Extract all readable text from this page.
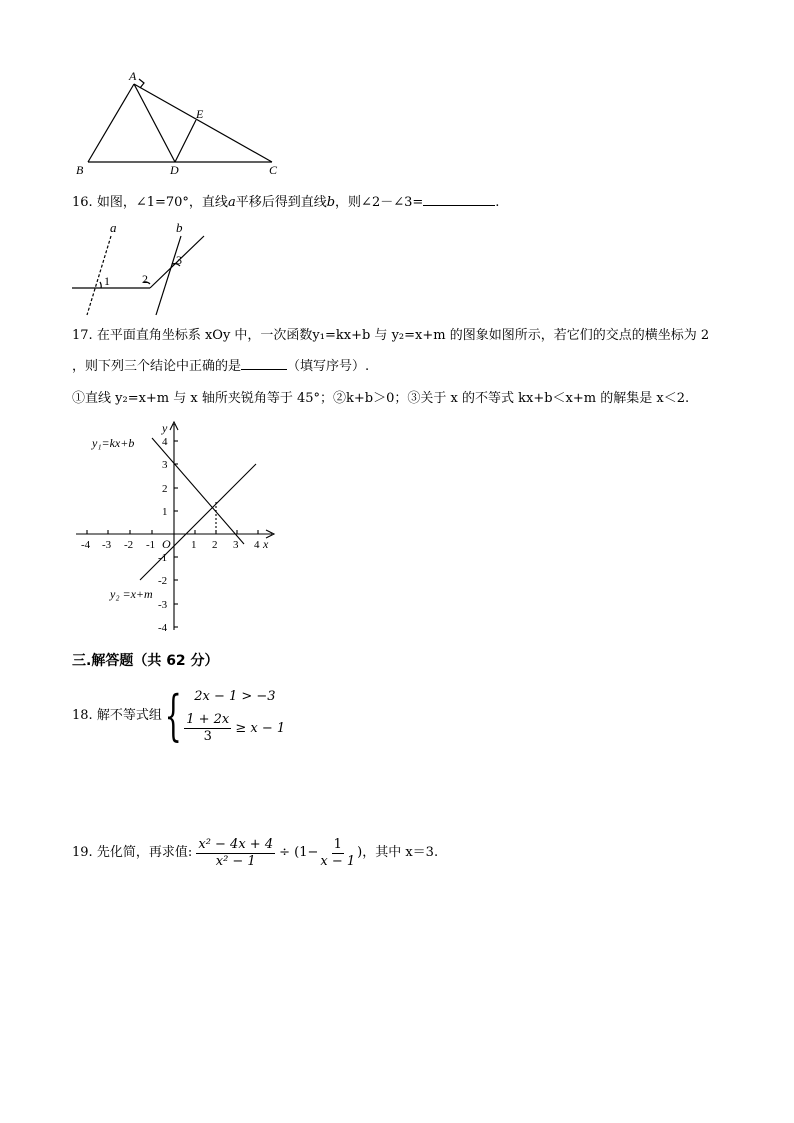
A
B	C
D
E
16. 如图，∠1=70°，直线a平移后得到直线b，则∠2－∠3=	.
a	b
1	2
3
17. 在平面直角坐标系 xOy 中，一次函数y₁=kx+b 与 y₂=x+m 的图象如图所示，若它们的交点的横坐标为 2
，则下列三个结论中正确的是	（填写序号）.
①直线 y₂=x+m 与 x 轴所夹锐角等于 45°；②k+b＞0；③关于 x 的不等式 kx+b＜x+m 的解集是 x＜2.
y₁=kx+b
y₂ =x+m
x
y
O
-4 -3 -2 -1	1 2 3 4
4
3
2
1
-1
-2
-3
-4
三.解答题（共 62 分）
18.
解不等式组 { 2x − 1 > −3
$\frac{1 + 2x}{3} \ge x - 1$
19.
先化简，再求值:
$\frac{\text{x² − 4x + 4}}{\text{x² − 1}} \div (1- \frac{1}{x - 1}$ ) ，其中 x＝3.
